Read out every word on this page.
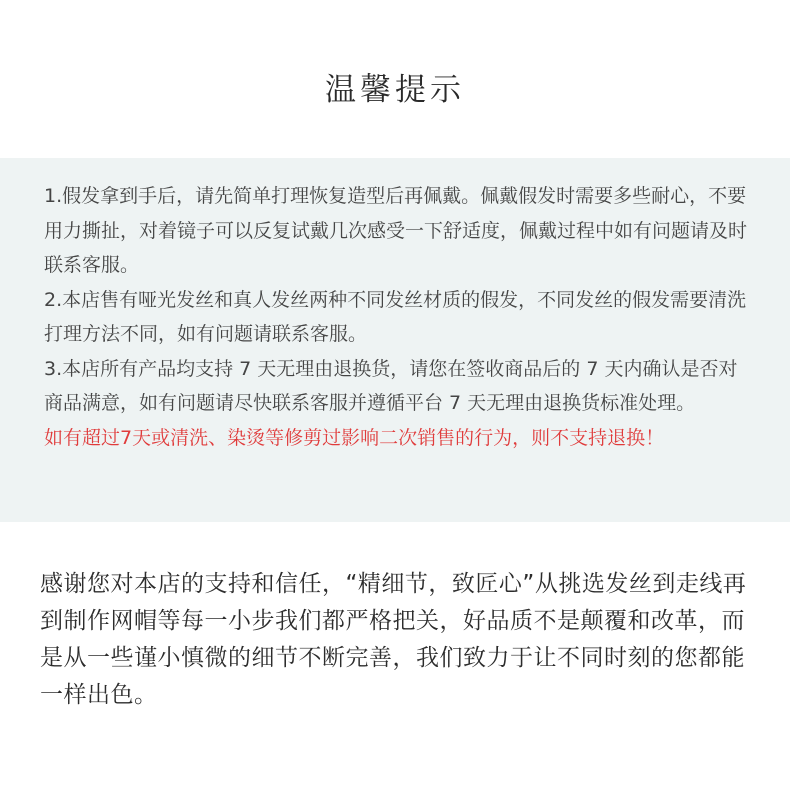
温馨提示

1.假发拿到手后，请先简单打理恢复造型后再佩戴。佩戴假发时需要多些耐心，不要用力撕扯，对着镜子可以反复试戴几次感受一下舒适度，佩戴过程中如有问题请及时联系客服。

2.本店售有哑光发丝和真人发丝两种不同发丝材质的假发，不同发丝的假发需要清洗打理方法不同，如有问题请联系客服。

3.本店所有产品均支持 7 天无理由退换货，请您在签收商品后的 7 天内确认是否对商品满意，如有问题请尽快联系客服并遵循平台 7 天无理由退换货标准处理。

如有超过7天或清洗、染烫等修剪过影响二次销售的行为，则不支持退换！

感谢您对本店的支持和信任，“精细节，致匠心”从挑选发丝到走线再到制作网帽等每一小步我们都严格把关，好品质不是颠覆和改革，而是从一些谨小慎微的细节不断完善，我们致力于让不同时刻的您都能一样出色。
